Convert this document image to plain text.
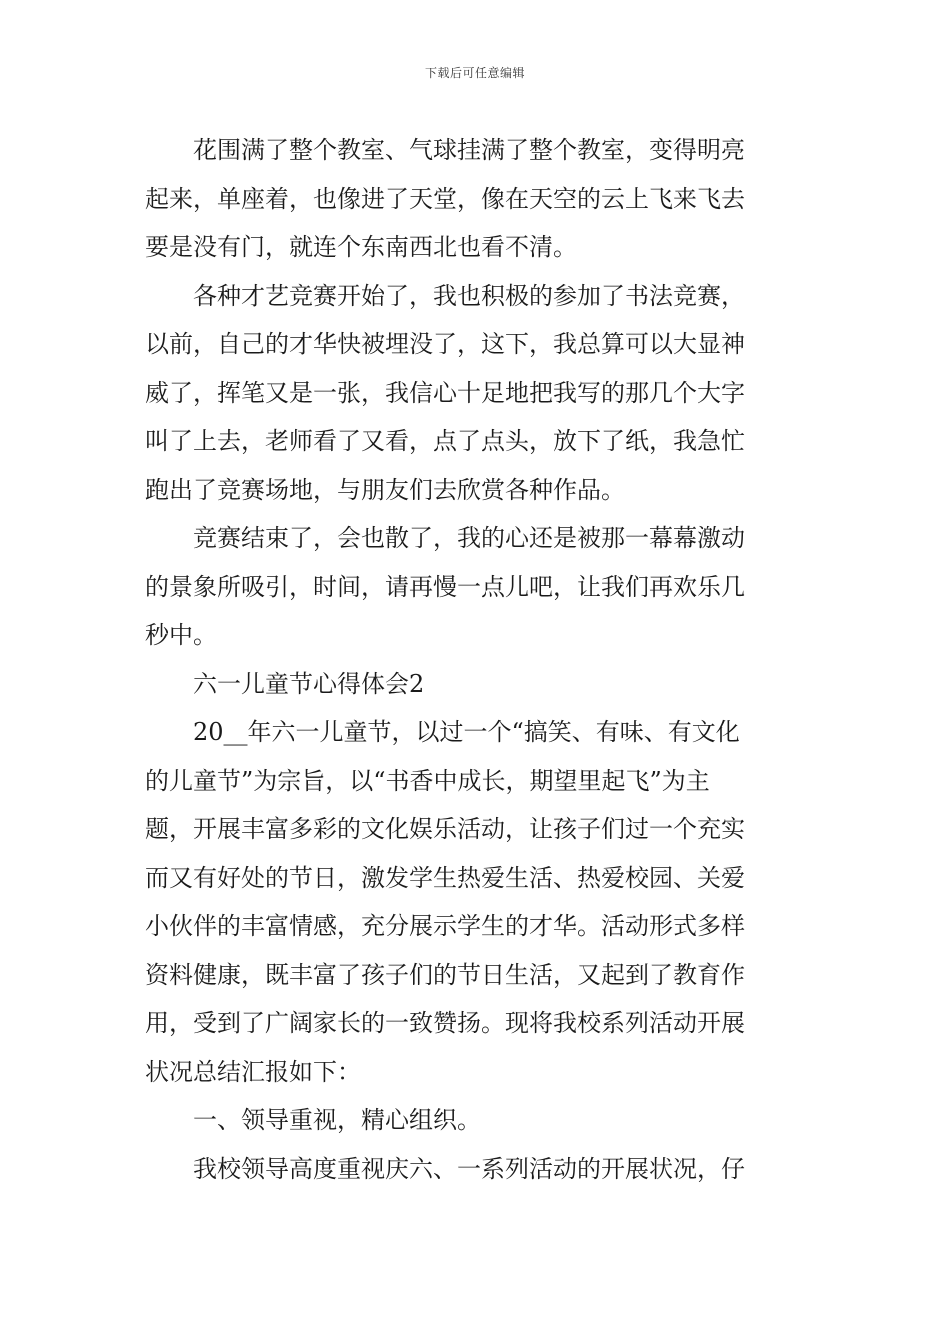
下载后可任意编辑
花围满了整个教室、气球挂满了整个教室，变得明亮
起来，单座着，也像进了天堂，像在天空的云上飞来飞去
要是没有门，就连个东南西北也看不清。
各种才艺竞赛开始了，我也积极的参加了书法竞赛，
以前，自己的才华快被埋没了，这下，我总算可以大显神
威了，挥笔又是一张，我信心十足地把我写的那几个大字
叫了上去，老师看了又看，点了点头，放下了纸，我急忙
跑出了竞赛场地，与朋友们去欣赏各种作品。
竞赛结束了，会也散了，我的心还是被那一幕幕激动
的景象所吸引，时间，请再慢一点儿吧，让我们再欢乐几
秒中。
六一儿童节心得体会2
20__年六一儿童节，以过一个“搞笑、有味、有文化
的儿童节”为宗旨，以“书香中成长，期望里起飞”为主
题，开展丰富多彩的文化娱乐活动，让孩子们过一个充实
而又有好处的节日，激发学生热爱生活、热爱校园、关爱
小伙伴的丰富情感，充分展示学生的才华。活动形式多样
资料健康，既丰富了孩子们的节日生活，又起到了教育作
用，受到了广阔家长的一致赞扬。现将我校系列活动开展
状况总结汇报如下：
一、领导重视，精心组织。
我校领导高度重视庆六、一系列活动的开展状况，仔
